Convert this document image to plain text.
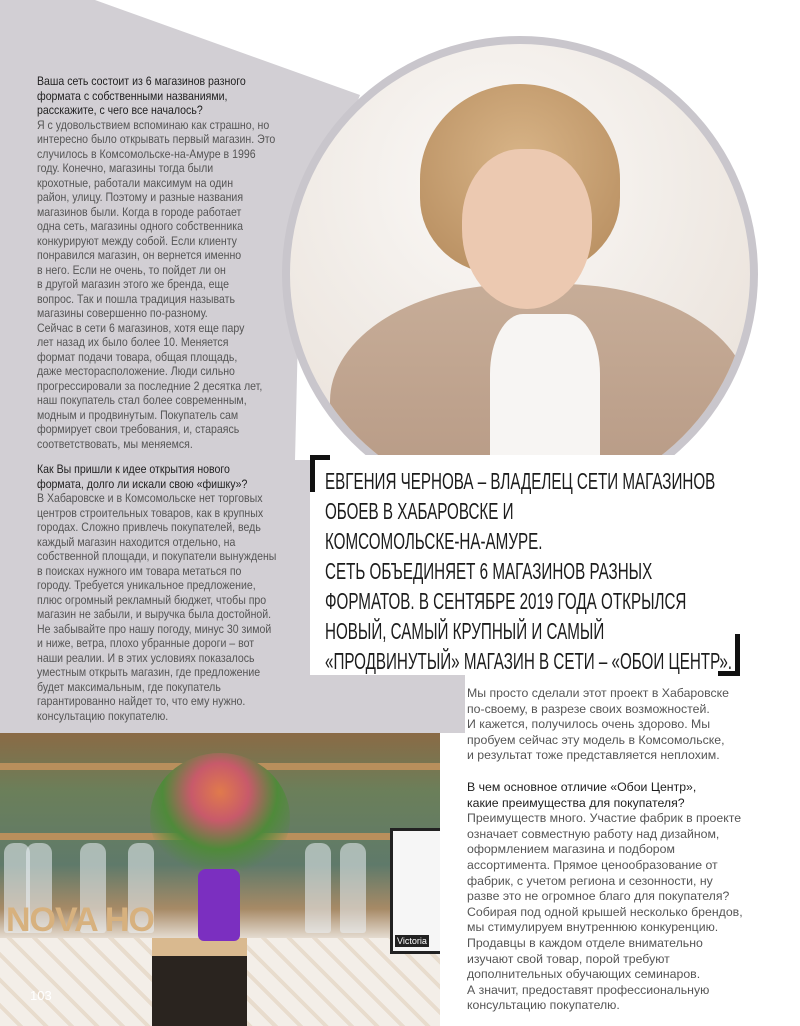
Ваша сеть состоит из 6 магазинов разного
формата с собственными названиями,
расскажите, с чего все началось?
Я с удовольствием вспоминаю как страшно, но
интересно было открывать первый магазин. Это
случилось в Комсомольске-на-Амуре в 1996
году. Конечно, магазины тогда были
крохотные, работали максимум на один
район, улицу. Поэтому и разные названия
магазинов были. Когда в городе работает
одна сеть, магазины одного собственника
конкурируют между собой. Если клиенту
понравился магазин, он вернется именно
в него. Если не очень, то пойдет ли он
в другой магазин этого же бренда, еще
вопрос. Так и пошла традиция называть
магазины совершенно по-разному.
Сейчас в сети 6 магазинов, хотя еще пару
лет назад их было более 10. Меняется
формат подачи товара, общая площадь,
даже месторасположение. Люди сильно
прогрессировали за последние 2 десятка лет,
наш покупатель стал более современным,
модным и продвинутым. Покупатель сам
формирует свои требования, и, стараясь
соответствовать, мы меняемся.
Как Вы пришли к идее открытия нового
формата, долго ли искали свою «фишку»?
В Хабаровске и в Комсомольске нет торговых
центров строительных товаров, как в крупных
городах. Сложно привлечь покупателей, ведь
каждый магазин находится отдельно, на
собственной площади, и покупатели вынуждены
в поисках нужного им товара метаться по
городу. Требуется уникальное предложение,
плюс огромный рекламный бюджет, чтобы про
магазин не забыли, и выручка была достойной.
Не забывайте про нашу погоду, минус 30 зимой
и ниже, ветра, плохо убранные дороги – вот
наши реалии. И в этих условиях показалось
уместным открыть магазин, где предложение
будет максимальным, где покупатель
гарантированно найдет то, что ему нужно.
консультацию покупателю.
ЕВГЕНИЯ ЧЕРНОВА – ВЛАДЕЛЕЦ СЕТИ МАГАЗИНОВ
ОБОЕВ В ХАБАРОВСКЕ И
КОМСОМОЛЬСКЕ-НА-АМУРЕ.
СЕТЬ ОБЪЕДИНЯЕТ 6 МАГАЗИНОВ РАЗНЫХ
ФОРМАТОВ. В СЕНТЯБРЕ 2019 ГОДА ОТКРЫЛСЯ
НОВЫЙ, САМЫЙ КРУПНЫЙ И САМЫЙ
«ПРОДВИНУТЫЙ» МАГАЗИН В СЕТИ – «ОБОИ ЦЕНТР».
Мы просто сделали этот проект в Хабаровске
по-своему, в разрезе своих возможностей.
И кажется, получилось очень здорово. Мы
пробуем сейчас эту модель в Комсомольске,
и результат тоже представляется неплохим.
В чем основное отличие «Обои Центр»,
какие преимущества для покупателя?
Преимуществ много. Участие фабрик в проекте
означает совместную работу над дизайном,
оформлением магазина и подбором
ассортимента. Прямое ценообразование от
фабрик, с учетом региона и сезонности, ну
разве это не огромное благо для покупателя?
Собирая под одной крышей несколько брендов,
мы стимулируем внутреннюю конкуренцию.
Продавцы в каждом отделе внимательно
изучают свой товар, порой требуют
дополнительных обучающих семинаров.
А значит, предоставят профессиональную
консультацию покупателю.
NOVA HO
Victoria
103
